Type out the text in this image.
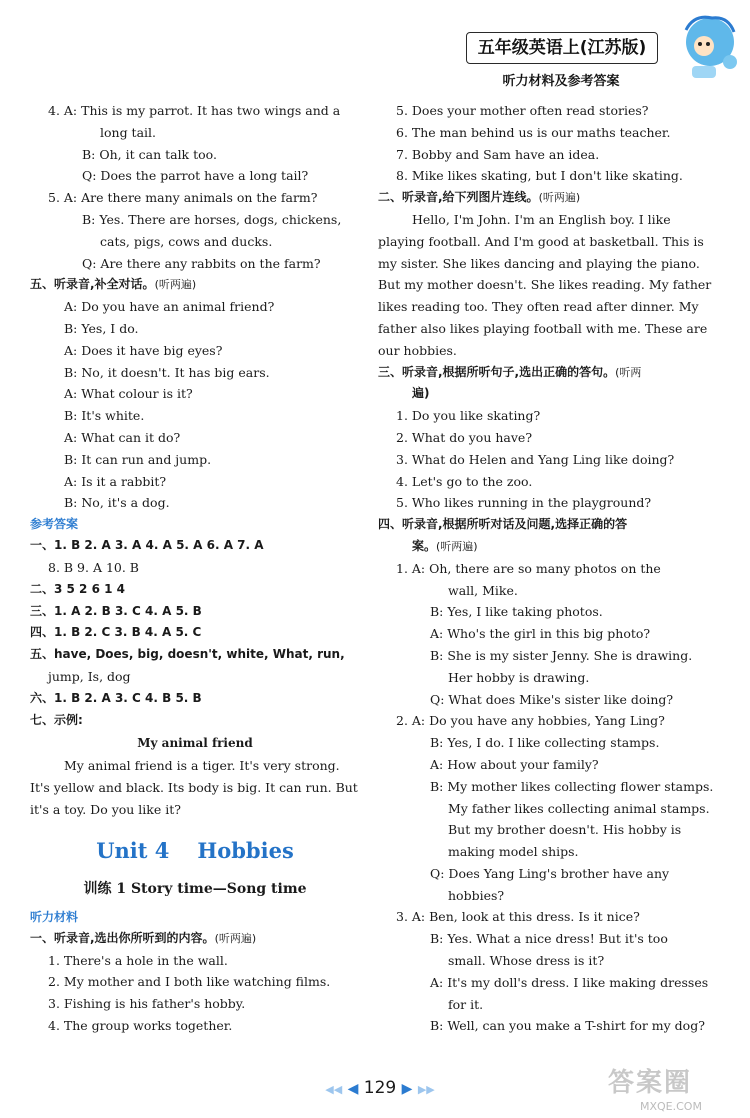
五年级英语上(江苏版)
听力材料及参考答案
4. A: This is my parrot. It has two wings and a
long tail.
B: Oh, it can talk too.
Q: Does the parrot have a long tail?
5. A: Are there many animals on the farm?
B: Yes. There are horses, dogs, chickens,
cats, pigs, cows and ducks.
Q: Are there any rabbits on the farm?
五、听录音,补全对话。(听两遍)
A: Do you have an animal friend?
B: Yes, I do.
A: Does it have big eyes?
B: No, it doesn't. It has big ears.
A: What colour is it?
B: It's white.
A: What can it do?
B: It can run and jump.
A: Is it a rabbit?
B: No, it's a dog.
参考答案
一、1. B 2. A 3. A 4. A 5. A 6. A 7. A
8. B 9. A 10. B
二、3 5 2 6 1 4
三、1. A 2. B 3. C 4. A 5. B
四、1. B 2. C 3. B 4. A 5. C
五、have, Does, big, doesn't, white, What, run,
jump, Is, dog
六、1. B 2. A 3. C 4. B 5. B
七、示例:
My animal friend
My animal friend is a tiger. It's very strong.
It's yellow and black. Its body is big. It can run. But
it's a toy. Do you like it?
Unit 4 Hobbies
训练 1 Story time—Song time
听力材料
一、听录音,选出你所听到的内容。(听两遍)
1. There's a hole in the wall.
2. My mother and I both like watching films.
3. Fishing is his father's hobby.
4. The group works together.
5. Does your mother often read stories?
6. The man behind us is our maths teacher.
7. Bobby and Sam have an idea.
8. Mike likes skating, but I don't like skating.
二、听录音,给下列图片连线。(听两遍)
Hello, I'm John. I'm an English boy. I like
playing football. And I'm good at basketball. This is
my sister. She likes dancing and playing the piano.
But my mother doesn't. She likes reading. My father
likes reading too. They often read after dinner. My
father also likes playing football with me. These are
our hobbies.
三、听录音,根据所听句子,选出正确的答句。(听两
遍)
1. Do you like skating?
2. What do you have?
3. What do Helen and Yang Ling like doing?
4. Let's go to the zoo.
5. Who likes running in the playground?
四、听录音,根据所听对话及问题,选择正确的答
案。(听两遍)
1. A: Oh, there are so many photos on the
wall, Mike.
B: Yes, I like taking photos.
A: Who's the girl in this big photo?
B: She is my sister Jenny. She is drawing.
Her hobby is drawing.
Q: What does Mike's sister like doing?
2. A: Do you have any hobbies, Yang Ling?
B: Yes, I do. I like collecting stamps.
A: How about your family?
B: My mother likes collecting flower stamps.
My father likes collecting animal stamps.
But my brother doesn't. His hobby is
making model ships.
Q: Does Yang Ling's brother have any
hobbies?
3. A: Ben, look at this dress. Is it nice?
B: Yes. What a nice dress! But it's too
small. Whose dress is it?
A: It's my doll's dress. I like making dresses
for it.
B: Well, can you make a T-shirt for my dog?
◀◀ ◀ 129 ▶ ▶▶	答案圈
MXQE.COM
